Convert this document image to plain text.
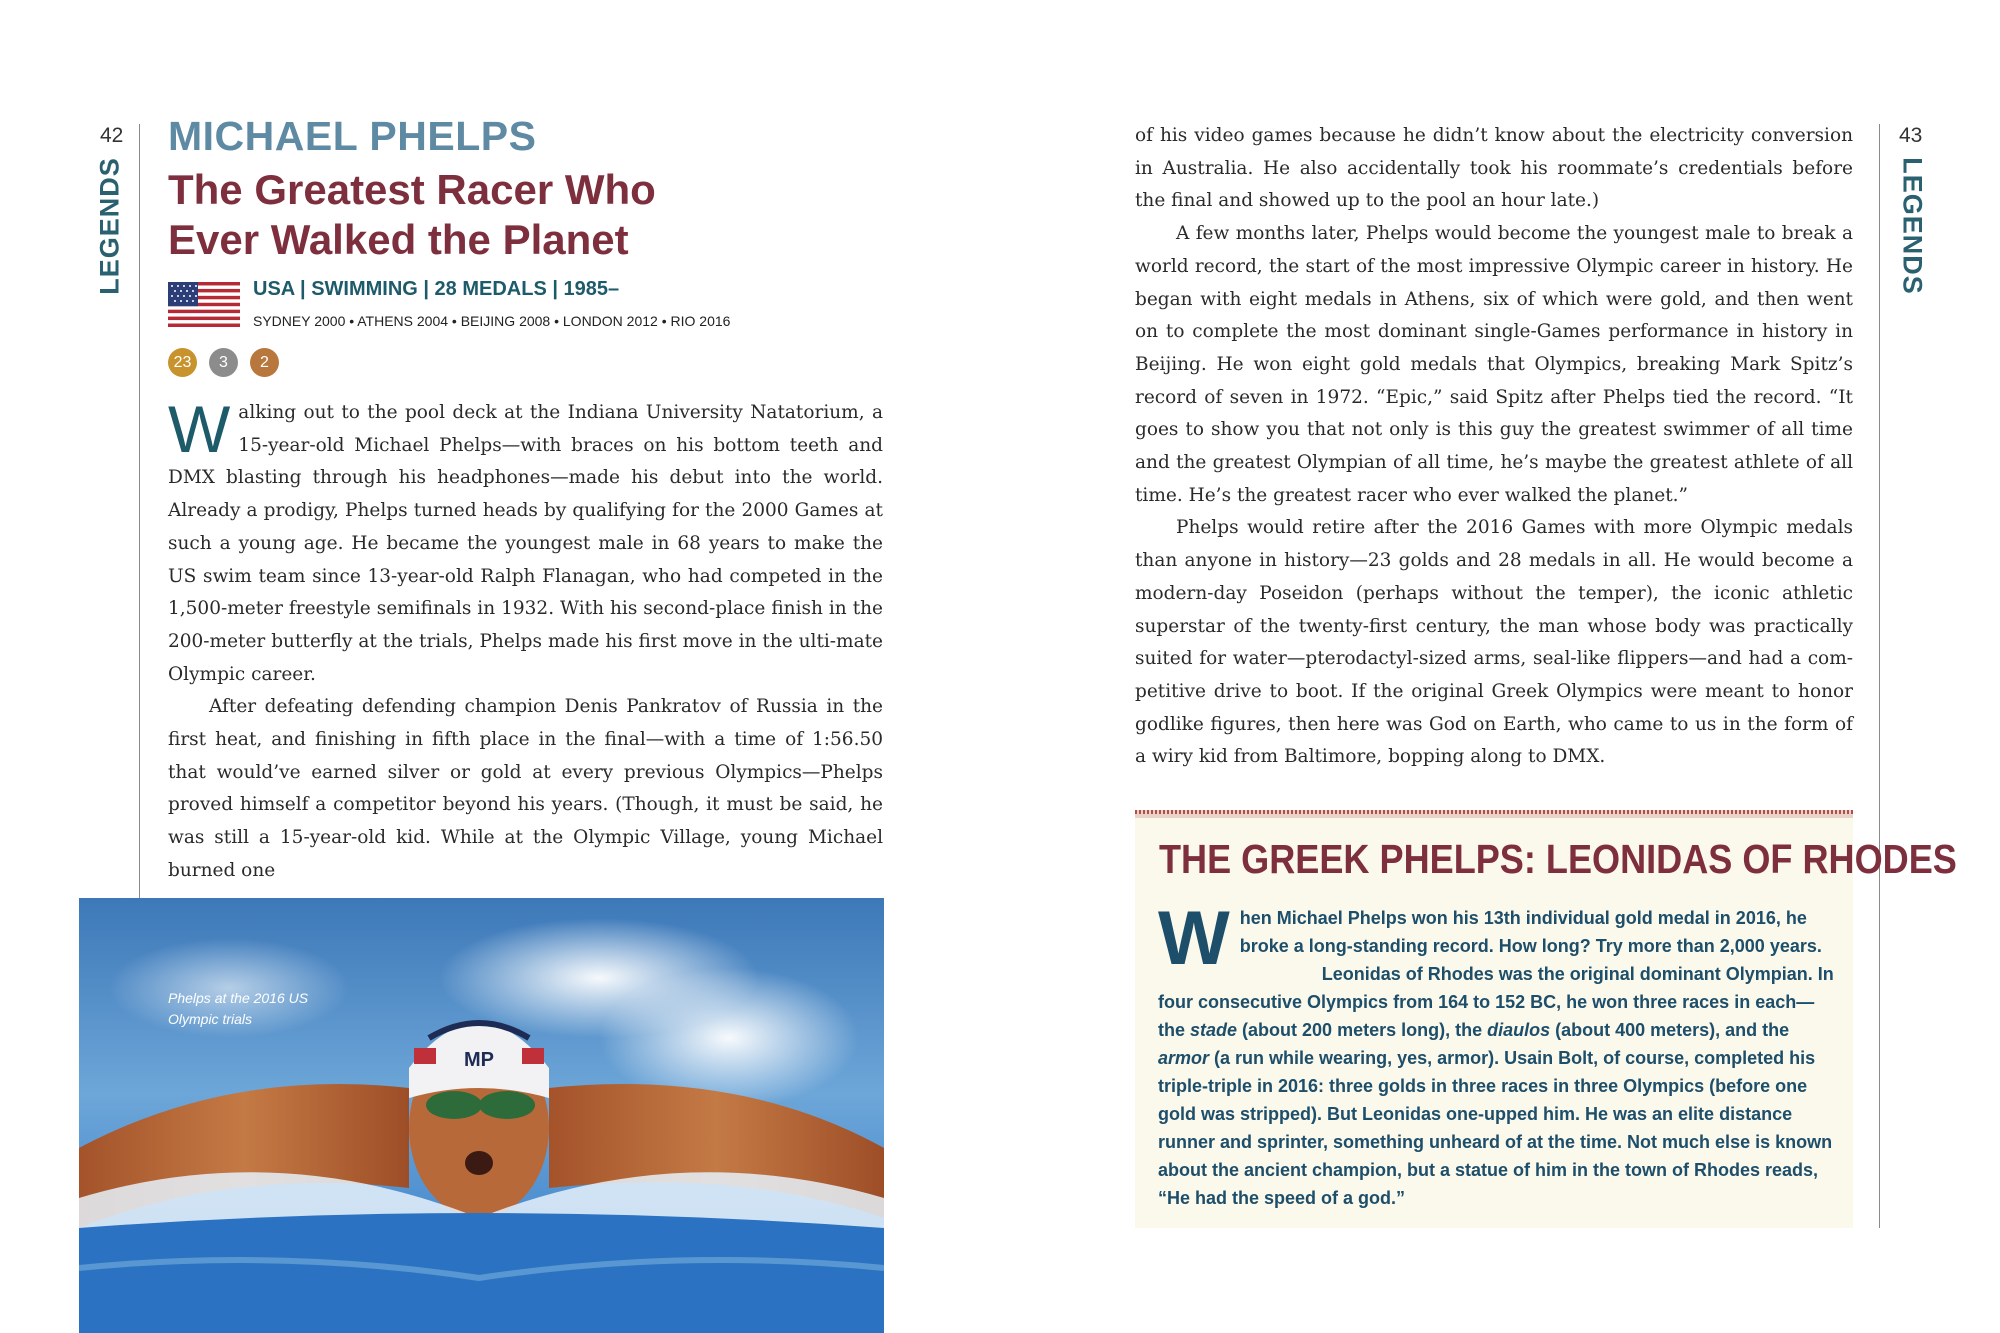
42
LEGENDS
MICHAEL PHELPS
The Greatest Racer Who Ever Walked the Planet
USA | SWIMMING | 28 MEDALS | 1985–
SYDNEY 2000 • ATHENS 2004 • BEIJING 2008 • LONDON 2012 • RIO 2016
23	3	2

Walking out to the pool deck at the Indiana University Natatorium, a 15-year-old Michael Phelps—with braces on his bottom teeth and DMX blasting through his headphones—made his debut into the world. Already a prodigy, Phelps turned heads by qualifying for the 2000 Games at such a young age. He became the youngest male in 68 years to make the US swim team since 13-year-old Ralph Flanagan, who had competed in the 1,500-meter freestyle semifinals in 1932. With his second-place finish in the 200-meter butterfly at the trials, Phelps made his first move in the ulti-mate Olympic career.

After defeating defending champion Denis Pankratov of Russia in the first heat, and finishing in fifth place in the final—with a time of 1:56.50 that would’ve earned silver or gold at every previous Olympics—Phelps proved himself a competitor beyond his years. (Though, it must be said, he was still a 15-year-old kid. While at the Olympic Village, young Michael burned one

MP
Phelps at the 2016 US Olympic trials
43
LEGENDS

of his video games because he didn’t know about the electricity conversion in Australia. He also accidentally took his roommate’s credentials before the final and showed up to the pool an hour late.)

A few months later, Phelps would become the youngest male to break a world record, the start of the most impressive Olympic career in history. He began with eight medals in Athens, six of which were gold, and then went on to complete the most dominant single-Games performance in history in Beijing. He won eight gold medals that Olympics, breaking Mark Spitz’s record of seven in 1972. “Epic,” said Spitz after Phelps tied the record. “It goes to show you that not only is this guy the greatest swimmer of all time and the greatest Olympian of all time, he’s maybe the greatest athlete of all time. He’s the greatest racer who ever walked the planet.”

Phelps would retire after the 2016 Games with more Olympic medals than anyone in history—23 golds and 28 medals in all. He would become a modern-day Poseidon (perhaps without the temper), the iconic athletic superstar of the twenty-first century, the man whose body was practically suited for water—pterodactyl-sized arms, seal-like flippers—and had a com-petitive drive to boot. If the original Greek Olympics were meant to honor godlike figures, then here was God on Earth, who came to us in the form of a wiry kid from Baltimore, bopping along to DMX.

THE GREEK PHELPS: LEONIDAS OF RHODES

When Michael Phelps won his 13th individual gold medal in 2016, he broke a long-standing record. How long? Try more than 2,000 years.

Leonidas of Rhodes was the original dominant Olympian. In four consecutive Olympics from 164 to 152 BC, he won three races in each—the stade (about 200 meters long), the diaulos (about 400 meters), and the armor (a run while wearing, yes, armor). Usain Bolt, of course, completed his triple-triple in 2016: three golds in three races in three Olympics (before one gold was stripped). But Leonidas one-upped him. He was an elite distance runner and sprinter, something unheard of at the time. Not much else is known about the ancient champion, but a statue of him in the town of Rhodes reads, “He had the speed of a god.”
